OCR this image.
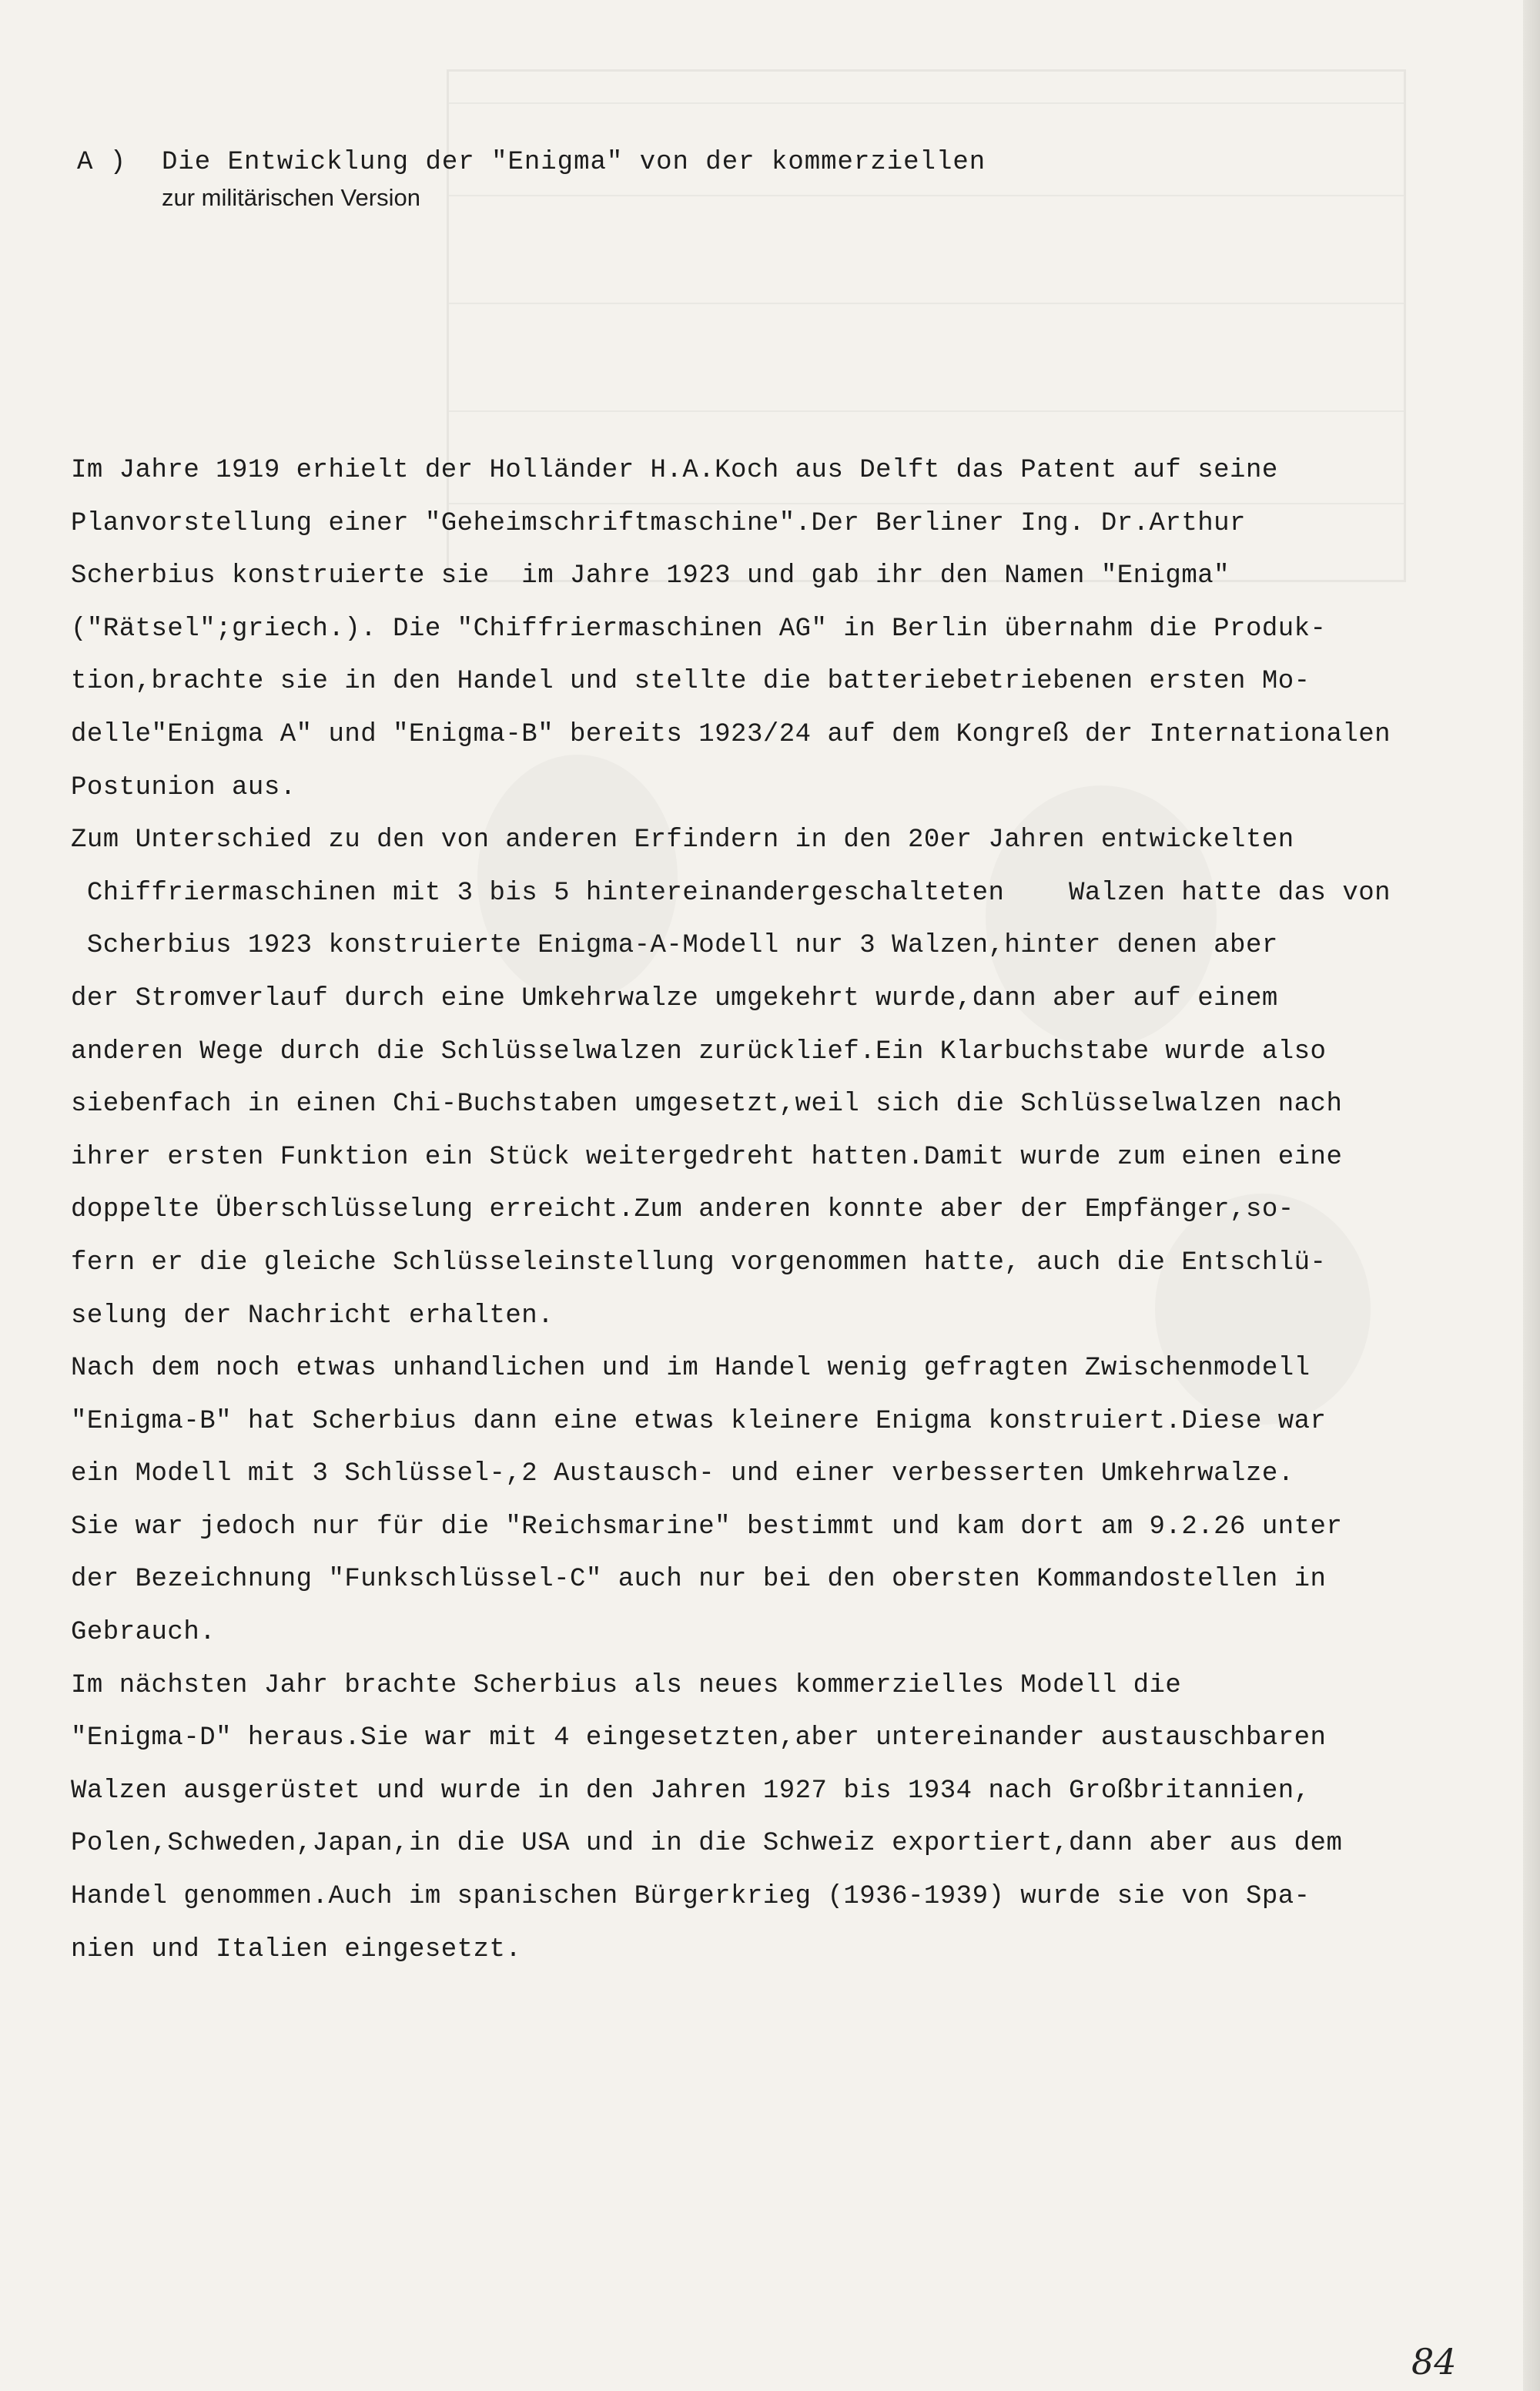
A ) Die Entwicklung der "Enigma" von der kommerziellen
zur militärischen Version
Im Jahre 1919 erhielt der Holländer H.A.Koch aus Delft das Patent auf seine
Planvorstellung einer "Geheimschriftmaschine".Der Berliner Ing. Dr.Arthur
Scherbius konstruierte sie  im Jahre 1923 und gab ihr den Namen "Enigma"
("Rätsel";griech.). Die "Chiffriermaschinen AG" in Berlin übernahm die Produk-
tion,brachte sie in den Handel und stellte die batteriebetriebenen ersten Mo-
delle"Enigma A" und "Enigma-B" bereits 1923/24 auf dem Kongreß der Internationalen
Postunion aus.
Zum Unterschied zu den von anderen Erfindern in den 20er Jahren entwickelten
Chiffriermaschinen mit 3 bis 5 hintereinandergeschalteten    Walzen hatte das von
Scherbius 1923 konstruierte Enigma-A-Modell nur 3 Walzen,hinter denen aber
der Stromverlauf durch eine Umkehrwalze umgekehrt wurde,dann aber auf einem
anderen Wege durch die Schlüsselwalzen zurücklief.Ein Klarbuchstabe wurde also
siebenfach in einen Chi-Buchstaben umgesetzt,weil sich die Schlüsselwalzen nach
ihrer ersten Funktion ein Stück weitergedreht hatten.Damit wurde zum einen eine
doppelte Überschlüsselung erreicht.Zum anderen konnte aber der Empfänger,so-
fern er die gleiche Schlüsseleinstellung vorgenommen hatte, auch die Entschlü-
selung der Nachricht erhalten.
Nach dem noch etwas unhandlichen und im Handel wenig gefragten Zwischenmodell
"Enigma-B" hat Scherbius dann eine etwas kleinere Enigma konstruiert.Diese war
ein Modell mit 3 Schlüssel-,2 Austausch- und einer verbesserten Umkehrwalze.
Sie war jedoch nur für die "Reichsmarine" bestimmt und kam dort am 9.2.26 unter
der Bezeichnung "Funkschlüssel-C" auch nur bei den obersten Kommandostellen in
Gebrauch.
Im nächsten Jahr brachte Scherbius als neues kommerzielles Modell die
"Enigma-D" heraus.Sie war mit 4 eingesetzten,aber untereinander austauschbaren
Walzen ausgerüstet und wurde in den Jahren 1927 bis 1934 nach Großbritannien,
Polen,Schweden,Japan,in die USA und in die Schweiz exportiert,dann aber aus dem
Handel genommen.Auch im spanischen Bürgerkrieg (1936-1939) wurde sie von Spa-
nien und Italien eingesetzt.
84
